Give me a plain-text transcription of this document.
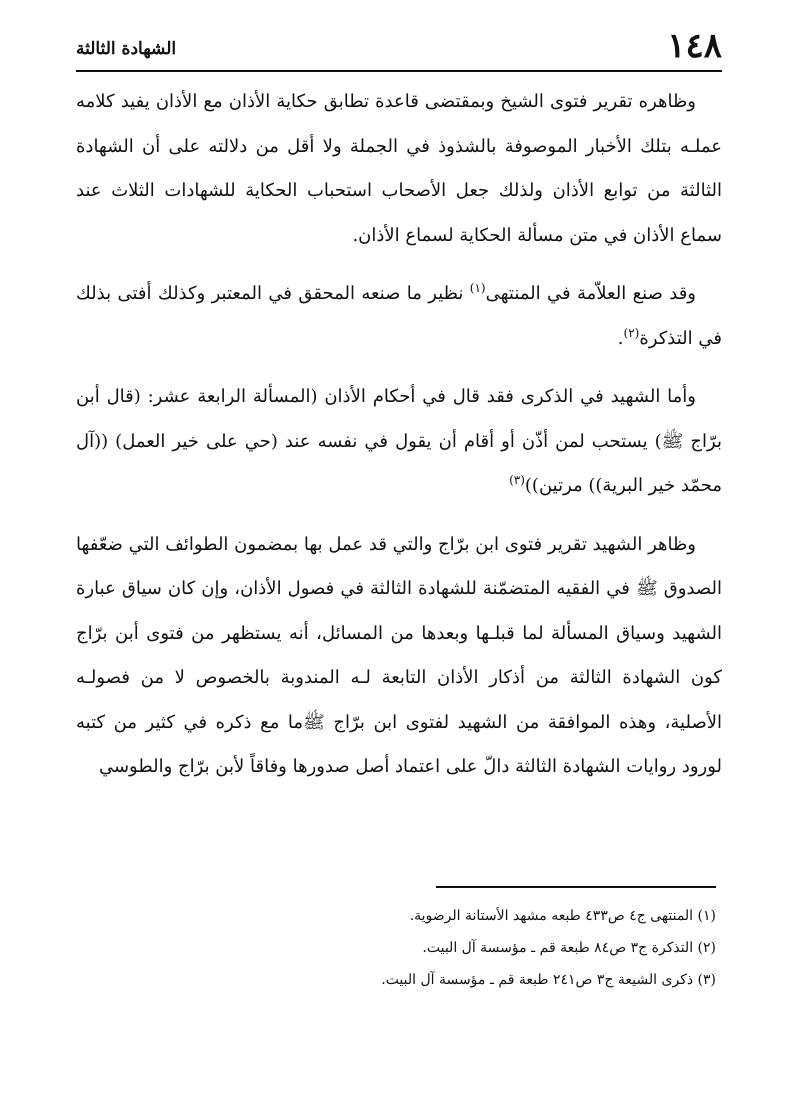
١٤٨
الشهادة الثالثة

وظاهره تقرير فتوى الشيخ وبمقتضى قاعدة تطابق حكاية الأذان مع الأذان يفيد كلامه عملـه بتلك الأخبار الموصوفة بالشذوذ في الجملة ولا أقل من دلالته على أن الشهادة الثالثة من توابع الأذان ولذلك جعل الأصحاب استحباب الحكاية للشهادات الثلاث عند سماع الأذان في متن مسألة الحكاية لسماع الأذان.

وقد صنع العلاّمة في المنتهى$^{(١)}$ نظير ما صنعه المحقق في المعتبر وكذلك أفتى بذلك في التذكرة$^{(٢)}$.

وأما الشهيد في الذكرى فقد قال في أحكام الأذان (المسألة الرابعة عشر: (قال أبن برّاج ﷺ) يستحب لمن أذّن أو أقام أن يقول في نفسه عند (حي على خير العمل) ((آل محمّد خير البرية)) مرتين))$^{(٣)}$

وظاهر الشهيد تقرير فتوى ابن برّاج والتي قد عمل بها بمضمون الطوائف التي ضعّفها الصدوق ﷺ في الفقيه المتضمّنة للشهادة الثالثة في فصول الأذان، وإن كان سياق عبارة الشهيد وسياق المسألة لما قبلـها وبعدها من المسائل، أنه يستظهر من فتوى أبن برّاج كون الشهادة الثالثة من أذكار الأذان التابعة لـه المندوبة بالخصوص لا من فصولـه الأصلية، وهذه الموافقة من الشهيد لفتوى ابن برّاج ﷺما مع ذكره في كثير من كتبه لورود روايات الشهادة الثالثة دالّ على اعتماد أصل صدورها وفاقاً لأبن برّاج والطوسي

(١) المنتهى ج٤ ص٤٣٣ طبعه مشهد الأستانة الرضوية.

(٢) التذكرة ج٣ ص٨٤ طبعة قم ـ مؤسسة آل البيت.

(٣) ذكرى الشيعة ج٣ ص٢٤١ طبعة قم ـ مؤسسة آل البيت.
